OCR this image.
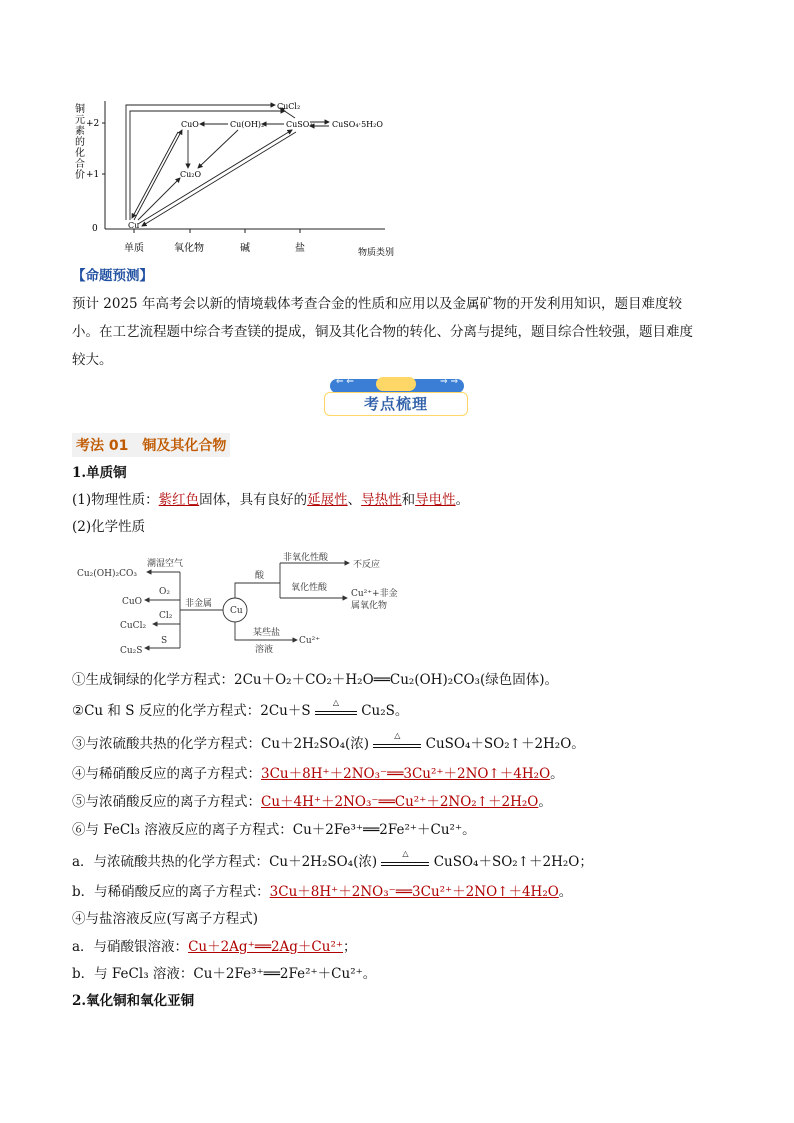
铜元素的化合价
+2
+1
0
单质	氧化物	碱	盐	物质类别
CuCl₂
CuO	Cu(OH)₂	CuSO₄ CuSO₄·5H₂O
Cu₂O
Cu
【命题预测】
预计 2025 年高考会以新的情境载体考查合金的性质和应用以及金属矿物的开发利用知识，题目难度较
小。在工艺流程题中综合考查镁的提成，铜及其化合物的转化、分离与提纯，题目综合性较强，题目难度
较大。
⇐ ⇐	⇒ ⇒
考点梳理
考法 01　铜及其化合物
1.单质铜
(1)物理性质：紫红色固体，具有良好的延展性、导热性和导电性。
(2)化学性质
Cu₂(OH)₂CO₃
潮湿空气
CuO
O₂
CuCl₂
Cl₂
Cu₂S
S
非金属
Cu
酸
非氧化性酸
不反应
氧化性酸
Cu²⁺+非金
属氧化物
某些盐
溶液
Cu²⁺
①生成铜绿的化学方程式：2Cu＋O₂＋CO₂＋H₂O══Cu₂(OH)₂CO₃(绿色固体)。
②Cu 和 S 反应的化学方程式：2Cu＋S
△
Cu₂S。
③与浓硫酸共热的化学方程式：Cu＋2H₂SO₄(浓)
△
CuSO₄＋SO₂↑＋2H₂O。
④与稀硝酸反应的离子方程式：3Cu＋8H⁺＋2NO₃⁻══3Cu²⁺＋2NO↑＋4H₂O。
⑤与浓硝酸反应的离子方程式：Cu＋4H⁺＋2NO₃⁻══Cu²⁺＋2NO₂↑＋2H₂O。
⑥与 FeCl₃ 溶液反应的离子方程式：Cu＋2Fe³⁺══2Fe²⁺＋Cu²⁺。
a．与浓硫酸共热的化学方程式：Cu＋2H₂SO₄(浓)
△
CuSO₄＋SO₂↑＋2H₂O；
b．与稀硝酸反应的离子方程式：3Cu＋8H⁺＋2NO₃⁻══3Cu²⁺＋2NO↑＋4H₂O。
④与盐溶液反应(写离子方程式)
a．与硝酸银溶液：Cu＋2Ag⁺══2Ag＋Cu²⁺；
b．与 FeCl₃ 溶液：Cu＋2Fe³⁺══2Fe²⁺＋Cu²⁺。
2.氧化铜和氧化亚铜
